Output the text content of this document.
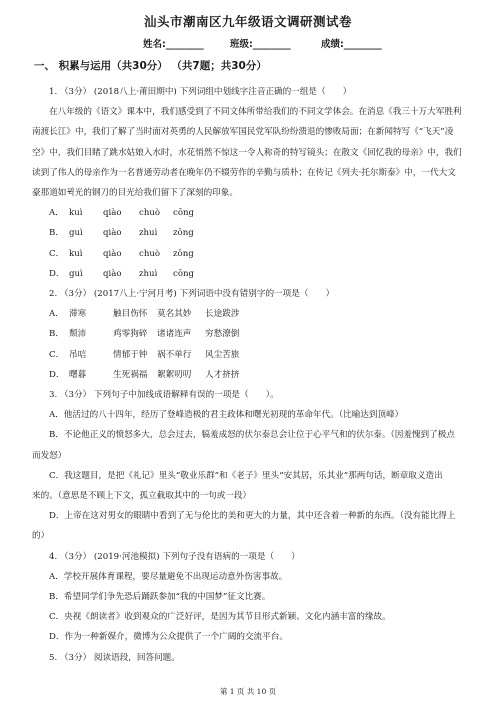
汕头市潮南区九年级语文调研测试卷
姓名:________	班级:________	成绩:________
一、 积累与运用（共30分） （共7题；共30分）
1. （3分） (2018八上·莆田期中) 下列词组中划线字注音正确的一组是（　　）
在八年级的《语文》课本中，我们感受到了不同文体所带给我们的不同文学体会。在消息《我三十万大军胜利
南渡长江》中，我们了解了当时面对英勇的人民解放军国民党军队纷纷溃退的惨败局面；在新闻特写《“飞天”凌
空》中，我们目睹了跳水姑娘入水时，水花悄然不惊这一令人称奇的特写镜头；在散文《回忆我的母亲》中，我们
读到了伟人的母亲作为一名普通劳动者在晚年仍不辍劳作的辛勤与质朴；在传记《列夫·托尔斯泰》中，一代大文
豪那道如뀍光的钢刀的目光给我们留下了深刻的印象。
A． kuì qiào chuò cōng
B． guì qiào zhuì zōng
C． kuì qiào chuò zōng
D． guì qiào zhuì cōng
2. （3分） (2017八上·宁河月考) 下列词语中没有错别字的一项是（　　）
A． 滞寒	触目伤怀 莫名其妙 长途跋涉
B． 颓沛	鸡零狗碎 诸诸连声 穷愁潦倒
C． 吊唁	情郁于钟 祸不单行 风尘苦旅
D． 曙暮	生死祸福 絮絮叨叨 人才挤挤
3. （3分） 下列句子中加线成语解释有误的一项是（　　）。
A．他活过的八十四年，经历了登峰造极的君主政体和曙光初现的革命年代。（比喻达到顶峰）
B．不论他正义的愤怒多大，总会过去，犒羞成怒的伏尔泰总会让位于心平气和的伏尔泰。（因羞愧到了极点
而发怒）
C．我这题目，是把《礼记》里头“敬业乐群”和《老子》里头“安其居，乐其业”那两句话，断章取义造出
来的。（意思是不顾上下文，孤立截取其中的一句或一段）
D．上帝在这对男女的眼睛中看到了无与伦比的美和更大的力量，其中还含着一种新的东西。（没有能比得上
的）
4. （3分） (2019·河池模拟) 下列句子没有语病的一项是（　　）
A．学校开展体育课程，要尽量避免不出现运动意外伤害事故。
B．希望同学们争先恐后踊跃参加“我的中国梦”征文比赛。
C．央视《朗读者》收到观众的广泛好评，是因为其节目形式新颖、文化内涵丰富的缘故。
D．作为一种新媒介，微博为公众提供了一个广阔的交流平台。
5. （3分） 阅读语段，回答问题。
第 1 页 共 10 页
